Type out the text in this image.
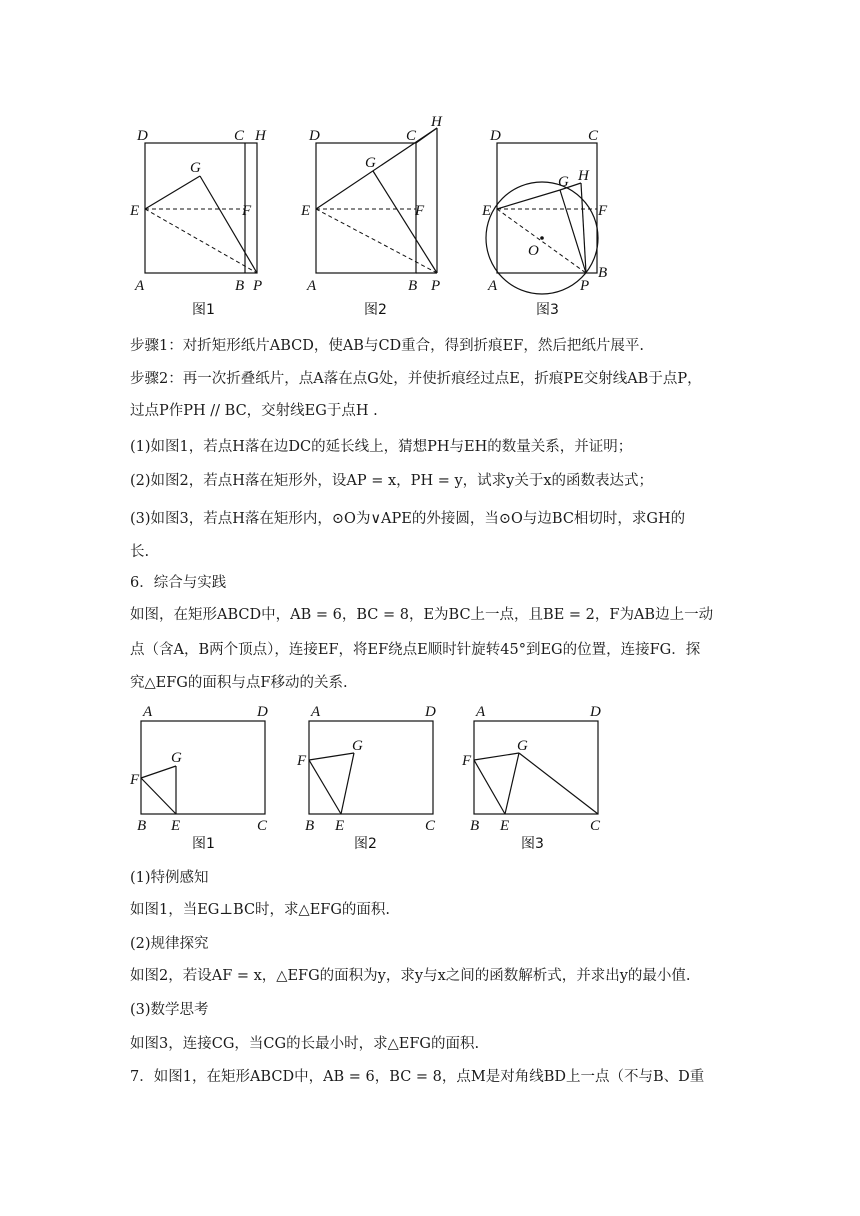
D	C H
E	F
G
A	B P
图1
D	C
H
E	F
G
A	B P
图2
D	C
H
G
E	F
O
A
B
P
图3
步骤1：对折矩形纸片ABCD，使AB与CD重合，得到折痕EF，然后把纸片展平.
步骤2：再一次折叠纸片，点A落在点G处，并使折痕经过点E，折痕PE交射线AB于点P，
过点P作PH // BC，交射线EG于点H .
(1)如图1，若点H落在边DC的延长线上，猜想PH与EH的数量关系，并证明；
(2)如图2，若点H落在矩形外，设AP = x，PH = y，试求y关于x的函数表达式；
(3)如图3，若点H落在矩形内，⊙O为∨APE的外接圆，当⊙O与边BC相切时，求GH的
长.
6．综合与实践
如图，在矩形ABCD中，AB = 6，BC = 8，E为BC上一点，且BE = 2，F为AB边上一动
点（含A，B两个顶点），连接EF，将EF绕点E顺时针旋转45°到EG的位置，连接FG．探
究△EFG的面积与点F移动的关系.
A	D
F
G
B E	C
图1
A	D
F
G
B E	C
图2
A	D
F
G
B E	C
图3
(1)特例感知
如图1，当EG⊥BC时，求△EFG的面积.
(2)规律探究
如图2，若设AF = x，△EFG的面积为y，求y与x之间的函数解析式，并求出y的最小值.
(3)数学思考
如图3，连接CG，当CG的长最小时，求△EFG的面积.
7．如图1，在矩形ABCD中，AB = 6，BC = 8，点M是对角线BD上一点（不与B、D重
